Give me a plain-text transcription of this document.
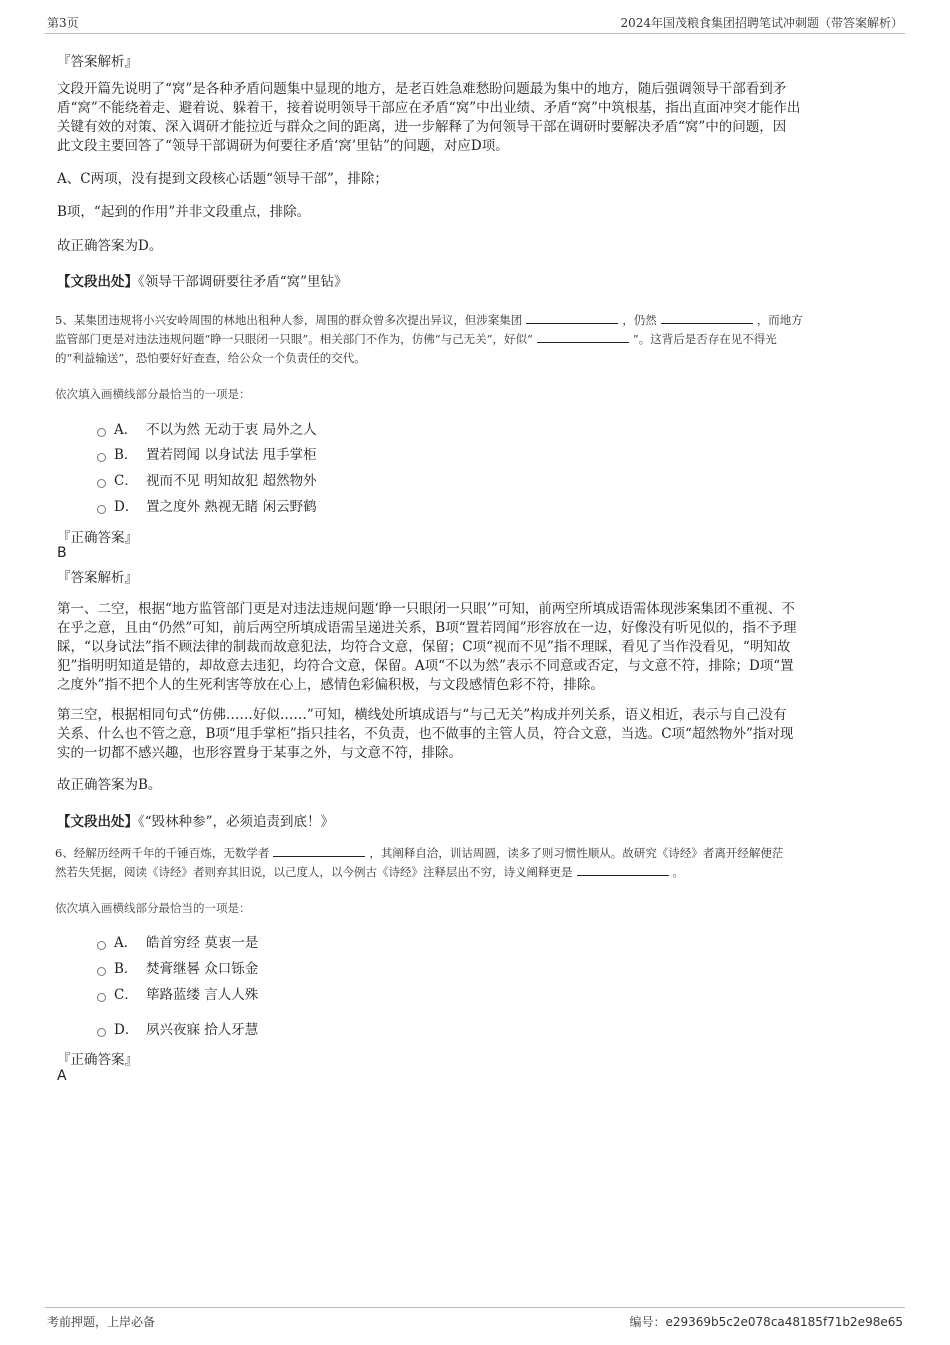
第3页	2024年国茂粮食集团招聘笔试冲刺题（带答案解析）
『答案解析』
文段开篇先说明了“窝”是各种矛盾问题集中显现的地方，是老百姓急难愁盼问题最为集中的地方，随后强调领导干部看到矛
盾“窝”不能绕着走、避着说、躲着干，接着说明领导干部应在矛盾“窝”中出业绩、矛盾“窝”中筑根基，指出直面冲突才能作出
关键有效的对策、深入调研才能拉近与群众之间的距离，进一步解释了为何领导干部在调研时要解决矛盾“窝”中的问题，因
此文段主要回答了“领导干部调研为何要往矛盾‘窝’里钻”的问题，对应D项。
A、C两项，没有提到文段核心话题“领导干部”，排除；
B项，“起到的作用”并非文段重点，排除。
故正确答案为D。
【文段出处】《领导干部调研要往矛盾“窝”里钻》
5、某集团违规将小兴安岭周围的林地出租种人参，周围的群众曾多次提出异议，但涉案集团	，仍然	，而地方
监管部门更是对违法违规问题“睁一只眼闭一只眼”。相关部门不作为，仿佛“与己无关”，好似“	”。这背后是否存在见不得光
的“利益输送”，恐怕要好好查查，给公众一个负责任的交代。
依次填入画横线部分最恰当的一项是：
A． 不以为然 无动于衷 局外之人
B． 置若罔闻 以身试法 甩手掌柜
C． 视而不见 明知故犯 超然物外
D． 置之度外 熟视无睹 闲云野鹤
『正确答案』
B
『答案解析』
第一、二空，根据“地方监管部门更是对违法违规问题‘睁一只眼闭一只眼’”可知，前两空所填成语需体现涉案集团不重视、不
在乎之意，且由“仍然”可知，前后两空所填成语需呈递进关系，B项“置若罔闻”形容放在一边，好像没有听见似的，指不予理
睬，“以身试法”指不顾法律的制裁而故意犯法，均符合文意，保留；C项“视而不见”指不理睬，看见了当作没看见，“明知故
犯”指明明知道是错的，却故意去违犯，均符合文意，保留。A项“不以为然”表示不同意或否定，与文意不符，排除；D项“置
之度外”指不把个人的生死利害等放在心上，感情色彩偏积极，与文段感情色彩不符，排除。
第三空，根据相同句式“仿佛……好似……”可知，横线处所填成语与“与己无关”构成并列关系，语义相近，表示与自己没有
关系、什么也不管之意，B项“甩手掌柜”指只挂名，不负责，也不做事的主管人员，符合文意，当选。C项“超然物外”指对现
实的一切都不感兴趣，也形容置身于某事之外，与文意不符，排除。
故正确答案为B。
【文段出处】《“毁林种参”，必须追责到底！》
6、经解历经两千年的千锤百炼，无数学者	，其阐释自洽，训诂周圆，读多了则习惯性顺从。故研究《诗经》者离开经解便茫
然若失凭据，阅读《诗经》者则弃其旧说，以己度人，以今例古《诗经》注释层出不穷，诗义阐释更是	。
依次填入画横线部分最恰当的一项是：
A． 皓首穷经 莫衷一是
B． 焚膏继晷 众口铄金
C． 筚路蓝缕 言人人殊
D． 夙兴夜寐 拾人牙慧
『正确答案』
A
考前押题，上岸必备	编号：e29369b5c2e078ca48185f71b2e98e65
